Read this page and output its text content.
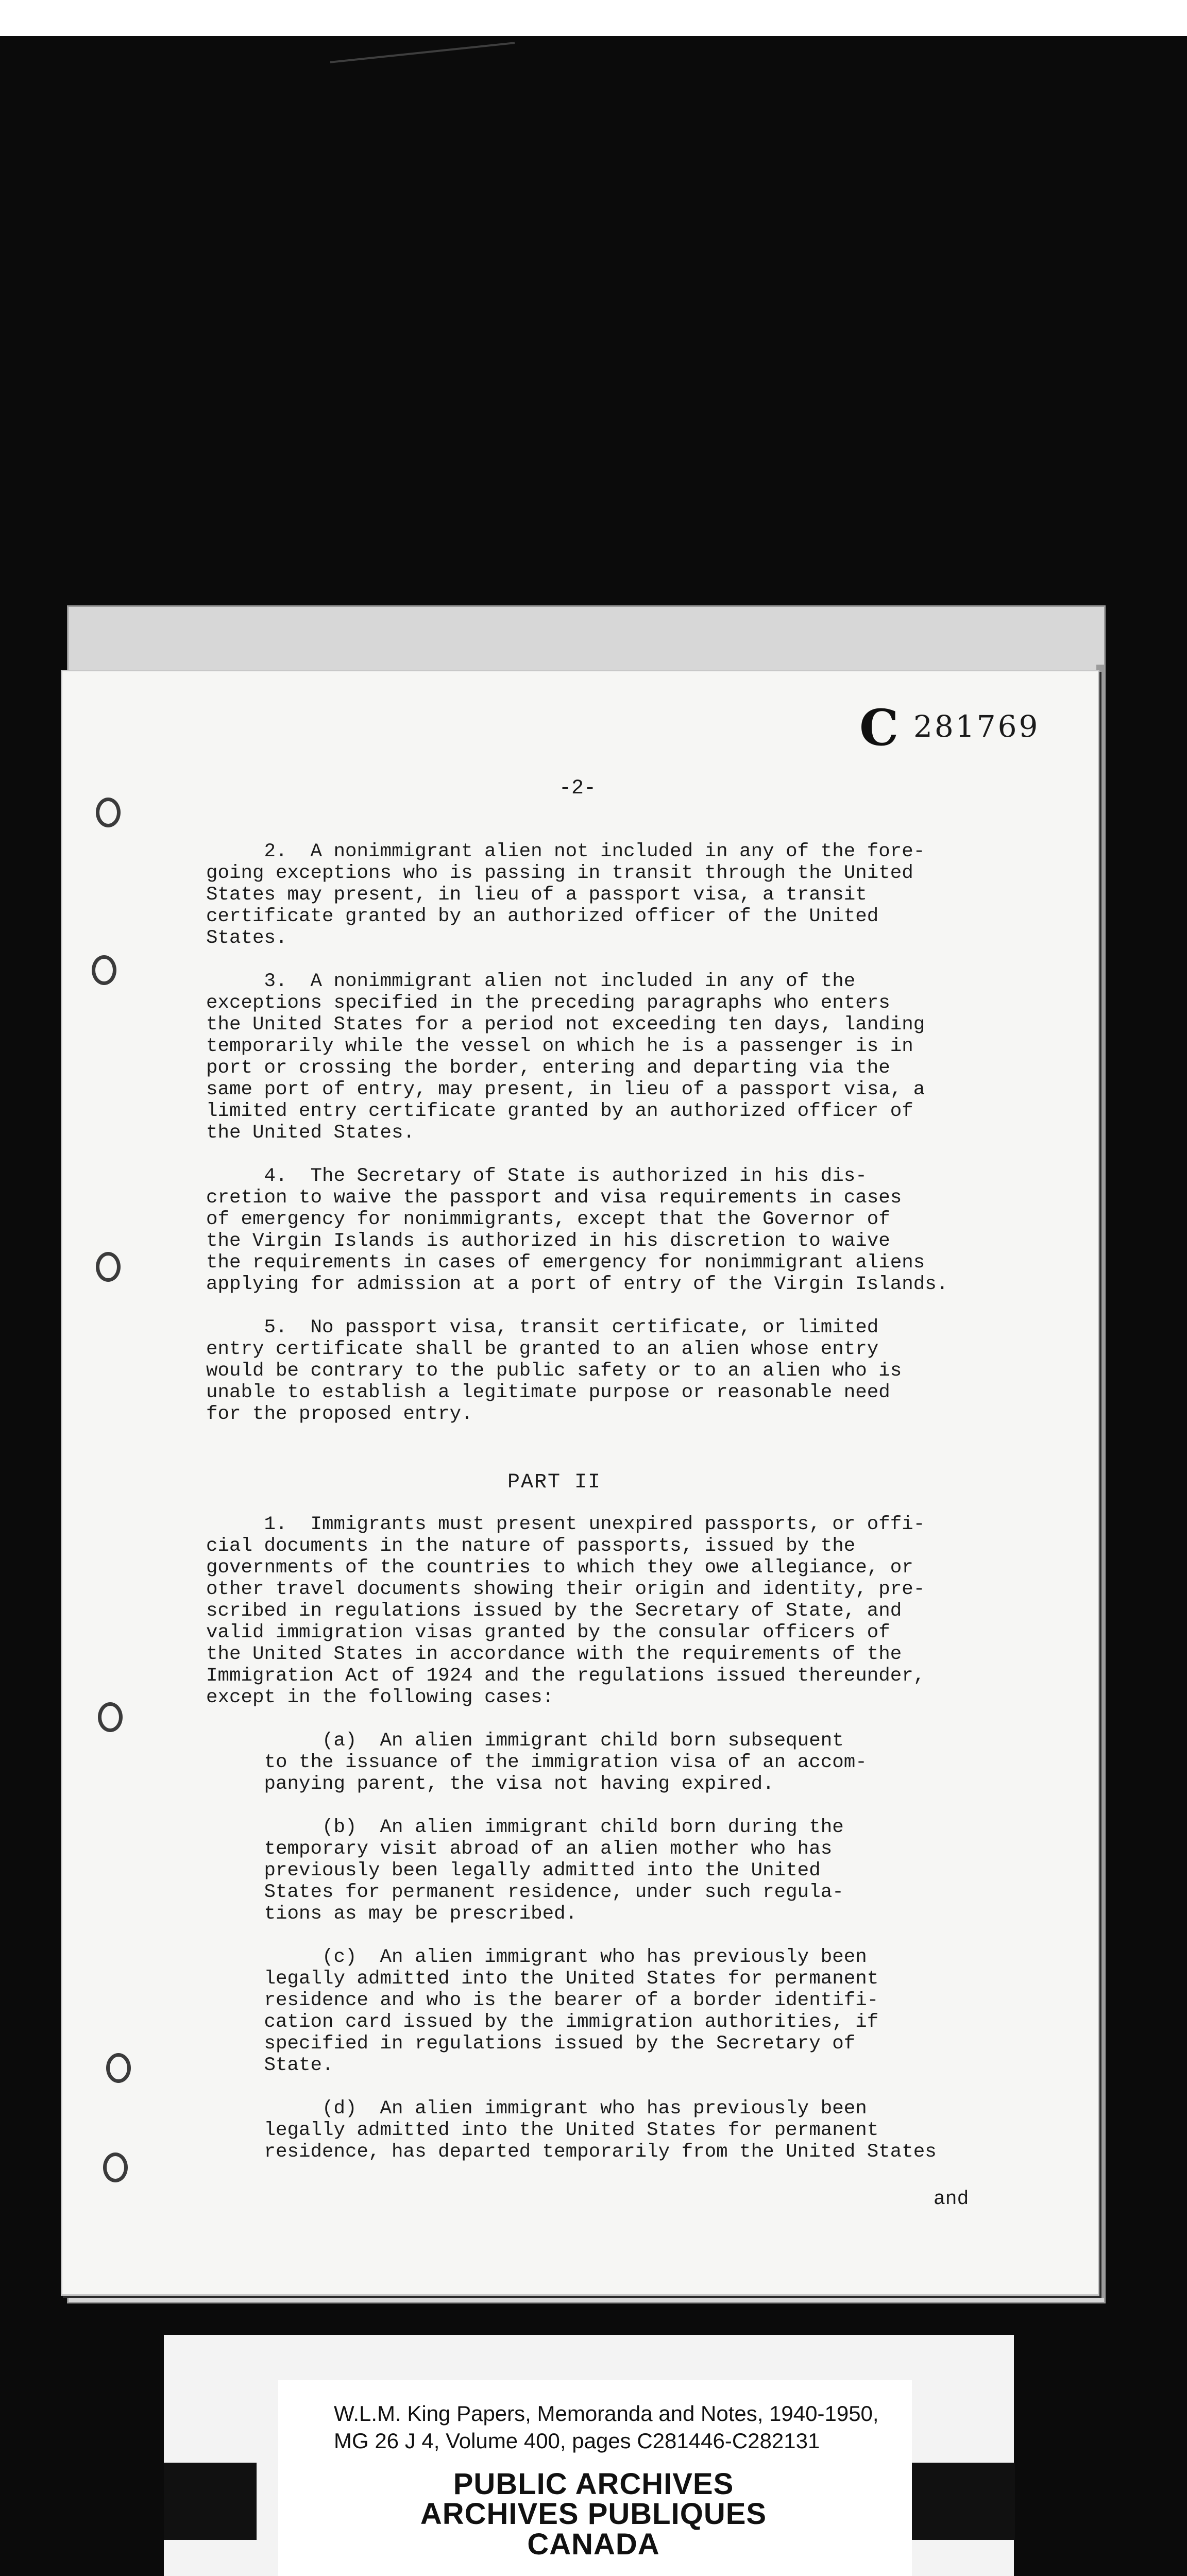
C 281769
-2-
2.  A nonimmigrant alien not included in any of the fore-
going exceptions who is passing in transit through the United
States may present, in lieu of a passport visa, a transit
certificate granted by an authorized officer of the United
States.
3.  A nonimmigrant alien not included in any of the
exceptions specified in the preceding paragraphs who enters
the United States for a period not exceeding ten days, landing
temporarily while the vessel on which he is a passenger is in
port or crossing the border, entering and departing via the
same port of entry, may present, in lieu of a passport visa, a
limited entry certificate granted by an authorized officer of
the United States.
4.  The Secretary of State is authorized in his dis-
cretion to waive the passport and visa requirements in cases
of emergency for nonimmigrants, except that the Governor of
the Virgin Islands is authorized in his discretion to waive
the requirements in cases of emergency for nonimmigrant aliens
applying for admission at a port of entry of the Virgin Islands.
5.  No passport visa, transit certificate, or limited
entry certificate shall be granted to an alien whose entry
would be contrary to the public safety or to an alien who is
unable to establish a legitimate purpose or reasonable need
for the proposed entry.
PART II
1.  Immigrants must present unexpired passports, or offi-
cial documents in the nature of passports, issued by the
governments of the countries to which they owe allegiance, or
other travel documents showing their origin and identity, pre-
scribed in regulations issued by the Secretary of State, and
valid immigration visas granted by the consular officers of
the United States in accordance with the requirements of the
Immigration Act of 1924 and the regulations issued thereunder,
except in the following cases:
(a)  An alien immigrant child born subsequent
to the issuance of the immigration visa of an accom-
panying parent, the visa not having expired.
(b)  An alien immigrant child born during the
temporary visit abroad of an alien mother who has
previously been legally admitted into the United
States for permanent residence, under such regula-
tions as may be prescribed.
(c)  An alien immigrant who has previously been
legally admitted into the United States for permanent
residence and who is the bearer of a border identifi-
cation card issued by the immigration authorities, if
specified in regulations issued by the Secretary of
State.
(d)  An alien immigrant who has previously been
legally admitted into the United States for permanent
residence, has departed temporarily from the United States
and
W.L.M. King Papers, Memoranda and Notes, 1940-1950,
MG 26 J 4, Volume 400, pages C281446-C282131
PUBLIC ARCHIVES
ARCHIVES PUBLIQUES
CANADA
